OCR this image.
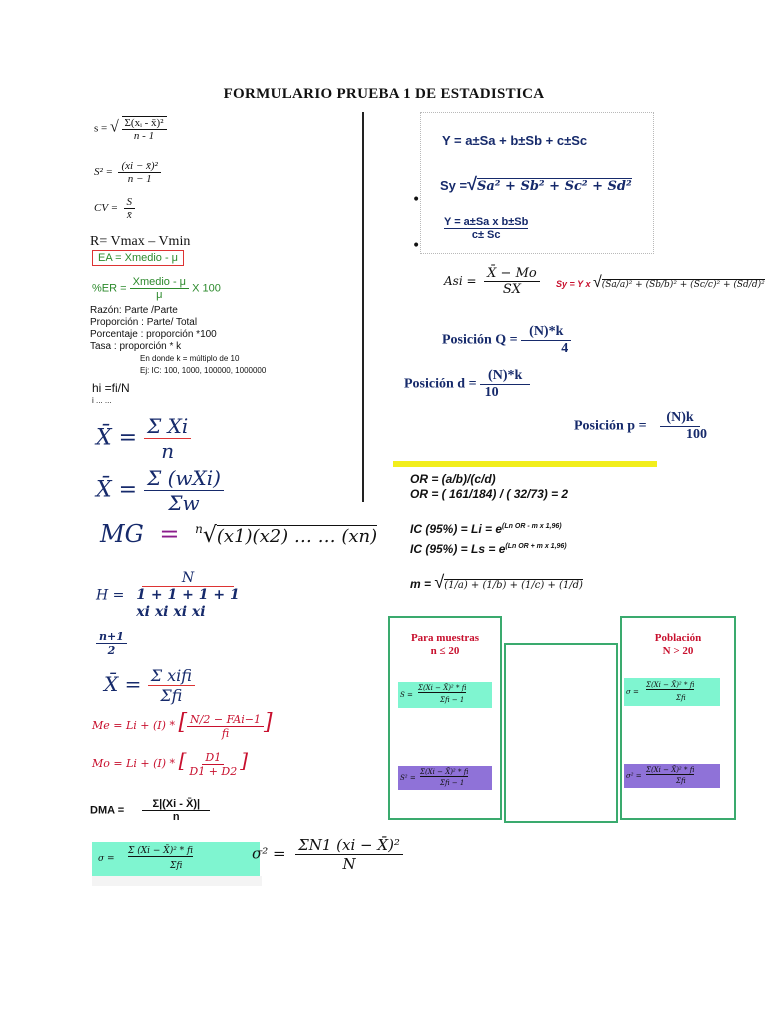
FORMULARIO PRUEBA 1 DE ESTADISTICA
s = √ $\frac{\text{Σ(xᵢ - x̄)²}}{n - 1}$
$S^2 = \frac{\text{(xi − x̄)²}}{n - 1}$
CV = $\frac{S}{x̄}$
R= Vmax – Vmin
EA = Xmedio - μ
$\%ER = \frac{\text{Xmedio - μ}}{\mu}$ X 100
Razón: Parte /Parte
Proporción : Parte/ Total
Porcentaje : proporción *100
Tasa : proporción * k
En donde k = múltiplo de 10
Ej: IC: 100, 1000, 100000, 1000000
hi =fi/N
i ... ...
X̄ = $\frac{\text{Σ Xi}}{n}$
X̄ = $\frac{\text{Σ (wXi)}}{\Sigma w}$
MG = $^n$√(x1)(x2) … … (xn)
H = N
1 + 1 + 1 + 1
xi xi xi xi
$\frac{n+1}{2}$
X̄ = $\frac{\text{Σ xifi}}{\text{Σfi}}$
Me = Li + (I) * [ $\frac{\text{N/2 − FAi−1}}{fi}$ ]
Mo = Li + (I) * [ $\frac{D1}{D1 + D2}$ ]
DMA = $\frac{\Sigma|(Xi - X̄)|}{n}$
σ =
Σ (Xi − X̄)² * fi
Σfi
$\sigma^2 = \frac{\text{ΣN1 (xi − X̄)²}}{N}$
Y = a±Sa + b±Sb + c±Sc
Sy =√Sa² + Sb² + Sc² + Sd²
•
•
Y = a±Sa x b±Sb
c± Sc
Asi = $\frac{X̄ - Mo}{SX}$ Sy = Y x √(Sa/a)² + (Sb/b)² + (Sc/c)² + (Sd/d)²
Posición $Q = \frac{(N)*k}{4}$
Posición $d = \frac{(N)*k}{10}$
Posición $p = \frac{(N)k}{100}$
OR = (a/b)/(c/d)
OR = ( 161/184) / ( 32/73) = 2
IC $(95\%) = Li = e^{(Ln OR - m x 1,96)}$
IC $(95\%) = Ls = e^{(Ln OR + m x 1,96)}$
m = √(1/a) + (1/b) + (1/c) + (1/d)
Para muestras
n ≤ 20
S =
Σ(Xi − X̄)² * fi
Σfi − 1
S² =
Σ(Xi − X̄)² * fi
Σfi − 1
Población
N > 20
σ =
Σ(Xi − X̄)² * fi
Σfi
σ² =
Σ(Xi − X̄)² * fi
Σfi
